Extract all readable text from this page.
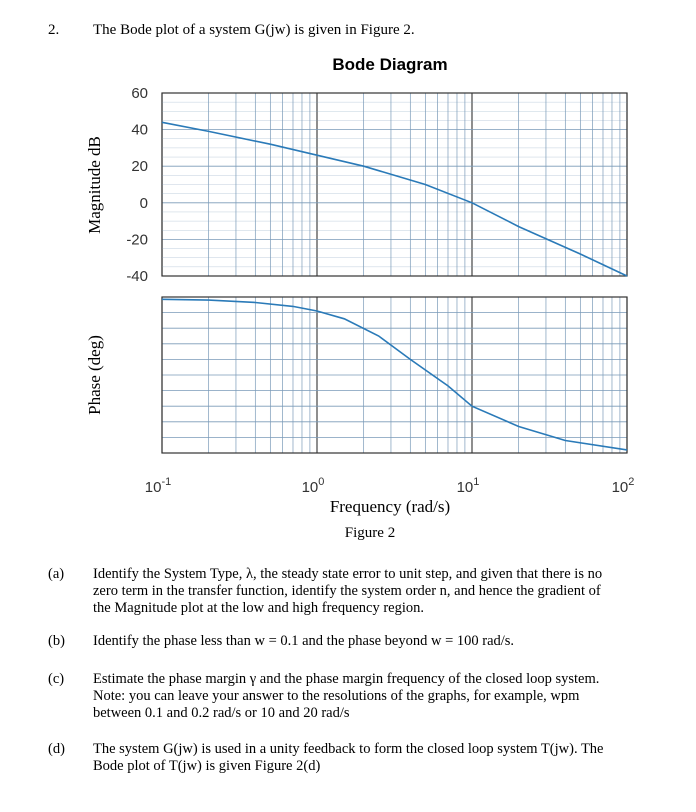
2. The Bode plot of a system G(jw) is given in Figure 2.
Bode Diagram
60
40
20
0
-20
-40
$10^{-1}$	$10^0$	$10^1$	$10^2$
Magnitude dB
Phase (deg)
Frequency (rad/s)
Figure 2
(a) Identify the System Type, λ, the steady state error to unit step, and given that there is no
zero term in the transfer function, identify the system order n, and hence the gradient of
the Magnitude plot at the low and high frequency region.
(b) Identify the phase less than w = 0.1 and the phase beyond w = 100 rad/s.
(c) Estimate the phase margin γ and the phase margin frequency of the closed loop system.
Note: you can leave your answer to the resolutions of the graphs, for example, wpm
between 0.1 and 0.2 rad/s or 10 and 20 rad/s
(d) The system G(jw) is used in a unity feedback to form the closed loop system T(jw). The
Bode plot of T(jw) is given Figure 2(d)
